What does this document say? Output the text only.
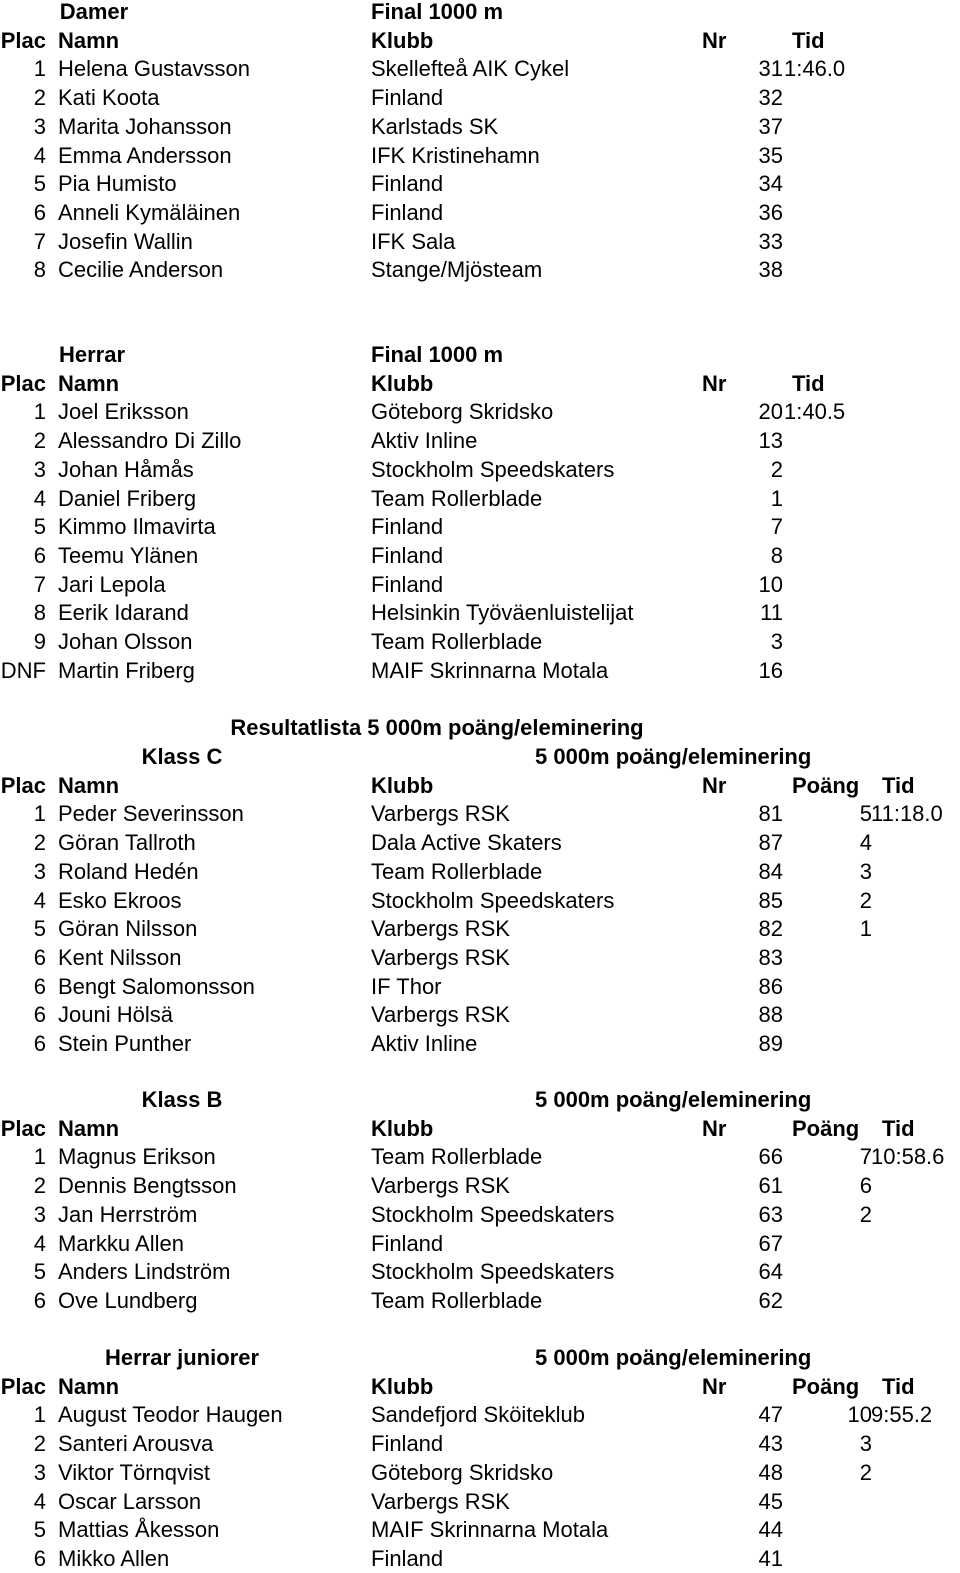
Damer	Final 1000 m
Plac Namn	Klubb	Nr	Tid
1 Helena Gustavsson	Skellefteå AIK Cykel	31 1:46.0
2 Kati Koota	Finland	32
3 Marita Johansson	Karlstads SK	37
4 Emma Andersson	IFK Kristinehamn	35
5 Pia Humisto	Finland	34
6 Anneli Kymäläinen	Finland	36
7 Josefin Wallin	IFK Sala	33
8 Cecilie Anderson	Stange/Mjösteam	38
Herrar	Final 1000 m
Plac Namn	Klubb	Nr	Tid
1 Joel Eriksson	Göteborg Skridsko	20 1:40.5
2 Alessandro Di Zillo	Aktiv Inline	13
3 Johan Håmås	Stockholm Speedskaters	2
4 Daniel Friberg	Team Rollerblade	1
5 Kimmo Ilmavirta	Finland	7
6 Teemu Ylänen	Finland	8
7 Jari Lepola	Finland	10
8 Eerik Idarand	Helsinkin Työväenluistelijat	11
9 Johan Olsson	Team Rollerblade	3
DNF Martin Friberg	MAIF Skrinnarna Motala	16
Resultatlista 5 000m poäng/eleminering
Klass C	5 000m poäng/eleminering
Plac Namn	Klubb	Nr	Poäng Tid
1 Peder Severinsson	Varbergs RSK	81	5 11:18.0
2 Göran Tallroth	Dala Active Skaters	87	4
3 Roland Hedén	Team Rollerblade	84	3
4 Esko Ekroos	Stockholm Speedskaters	85	2
5 Göran Nilsson	Varbergs RSK	82	1
6 Kent Nilsson	Varbergs RSK	83
6 Bengt Salomonsson	IF Thor	86
6 Jouni Hölsä	Varbergs RSK	88
6 Stein Punther	Aktiv Inline	89
Klass B	5 000m poäng/eleminering
Plac Namn	Klubb	Nr	Poäng Tid
1 Magnus Erikson	Team Rollerblade	66	7 10:58.6
2 Dennis Bengtsson	Varbergs RSK	61	6
3 Jan Herrström	Stockholm Speedskaters	63	2
4 Markku Allen	Finland	67
5 Anders Lindström	Stockholm Speedskaters	64
6 Ove Lundberg	Team Rollerblade	62
Herrar juniorer	5 000m poäng/eleminering
Plac Namn	Klubb	Nr	Poäng Tid
1 August Teodor Haugen	Sandefjord Sköiteklub	47	10 9:55.2
2 Santeri Arousva	Finland	43	3
3 Viktor Törnqvist	Göteborg Skridsko	48	2
4 Oscar Larsson	Varbergs RSK	45
5 Mattias Åkesson	MAIF Skrinnarna Motala	44
6 Mikko Allen	Finland	41
